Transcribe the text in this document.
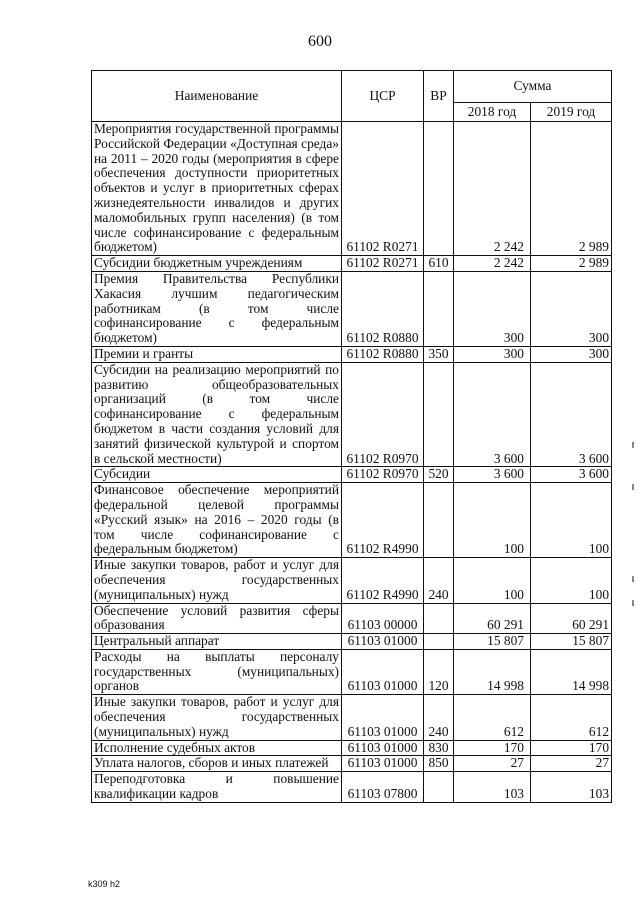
600
Наименование	ЦСР	ВР	Сумма	
			2018 год	2019 год
Мероприятия государственной программы Российской Федерации «Доступная среда» на 2011 – 2020 годы (мероприятия в сфере обеспечения доступности приоритетных объектов и услуг в приоритетных сферах жизнедеятельности инвалидов и других маломобильных групп населения) (в том числе софинансирование с федеральным бюджетом)	61102 R0271		2 242	2 989
Субсидии бюджетным учреждениям	61102 R0271	610	2 242	2 989
Премия Правительства Республики Хакасия лучшим педагогическим работникам (в том числе софинансирование с федеральным бюджетом)	61102 R0880		300	300
Премии и гранты	61102 R0880	350	300	300
Субсидии на реализацию мероприятий по развитию общеобразовательных организаций (в том числе софинансирование с федеральным бюджетом в части создания условий для занятий физической культурой и спортом в сельской местности)	61102 R0970		3 600	3 600
Субсидии	61102 R0970	520	3 600	3 600
Финансовое обеспечение мероприятий федеральной целевой программы «Русский язык» на 2016 – 2020 годы (в том числе софинансирование с федеральным бюджетом)	61102 R4990		100	100
Иные закупки товаров, работ и услуг для обеспечения государственных (муниципальных) нужд	61102 R4990	240	100	100
Обеспечение условий развития сферы образования	61103 00000		60 291	60 291
Центральный аппарат	61103 01000		15 807	15 807
Расходы на выплаты персоналу государственных (муниципальных) органов	61103 01000	120	14 998	14 998
Иные закупки товаров, работ и услуг для обеспечения государственных (муниципальных) нужд	61103 01000	240	612	612
Исполнение судебных актов	61103 01000	830	170	170
Уплата налогов, сборов и иных платежей	61103 01000	850	27	27
Переподготовка и повышение квалификации кадров	61103 07800		103	103
k309 h2
